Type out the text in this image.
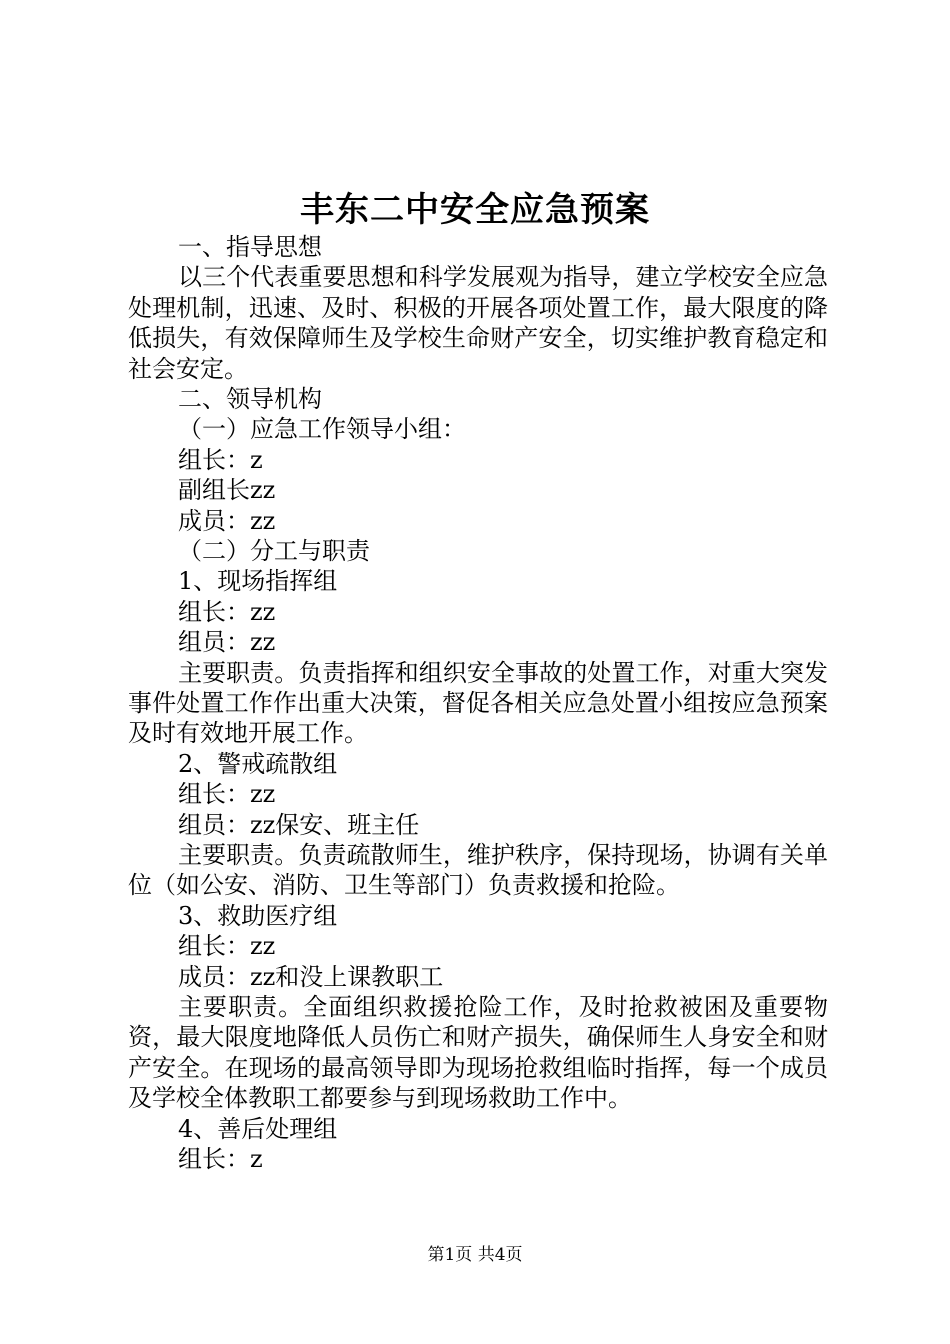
丰东二中安全应急预案
一、指导思想
以三个代表重要思想和科学发展观为指导，建立学校安全应急处理机制，迅速、及时、积极的开展各项处置工作，最大限度的降低损失，有效保障师生及学校生命财产安全，切实维护教育稳定和社会安定。
二、领导机构
（一）应急工作领导小组：
组长：z
副组长zz
成员：zz
（二）分工与职责
1、现场指挥组
组长：zz
组员：zz
主要职责。负责指挥和组织安全事故的处置工作，对重大突发事件处置工作作出重大决策，督促各相关应急处置小组按应急预案及时有效地开展工作。
2、警戒疏散组
组长：zz
组员：zz保安、班主任
主要职责。负责疏散师生，维护秩序，保持现场，协调有关单位（如公安、消防、卫生等部门）负责救援和抢险。
3、救助医疗组
组长：zz
成员：zz和没上课教职工
主要职责。全面组织救援抢险工作，及时抢救被困及重要物资，最大限度地降低人员伤亡和财产损失，确保师生人身安全和财产安全。在现场的最高领导即为现场抢救组临时指挥，每一个成员及学校全体教职工都要参与到现场救助工作中。
4、善后处理组
组长：z
第1页 共4页
